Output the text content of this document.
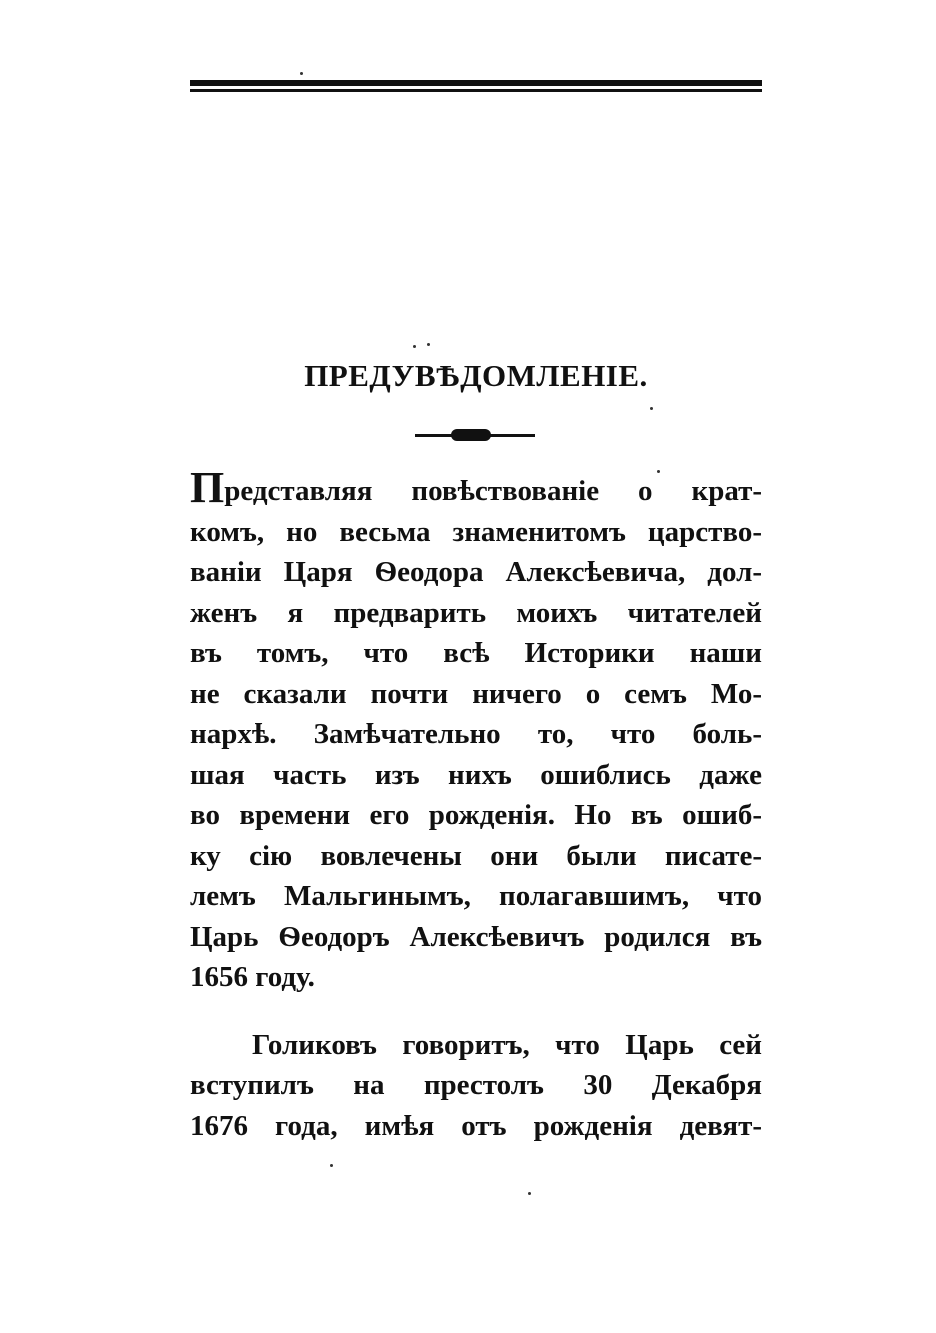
ПРЕДУВѢДОМЛЕНІЕ.

Представляя повѣствованіе о крат-
комъ, но весьма знаменитомъ царство-
ваніи Царя Ѳеодора Алексѣевича, дол-
женъ я предварить моихъ читателей
въ томъ, что всѣ Историки наши
не сказали почти ничего о семъ Мо-
нархѣ. Замѣчательно то, что боль-
шая часть изъ нихъ ошиблись даже
во времени его рожденія. Но въ ошиб-
ку сію вовлечены они были писате-
лемъ Мальгинымъ, полагавшимъ, что
Царь Ѳеодоръ Алексѣевичъ родился въ
1656 году.

Голиковъ говоритъ, что Царь сей
вступилъ на престолъ 30 Декабря
1676 года, имѣя отъ рожденія девят-
